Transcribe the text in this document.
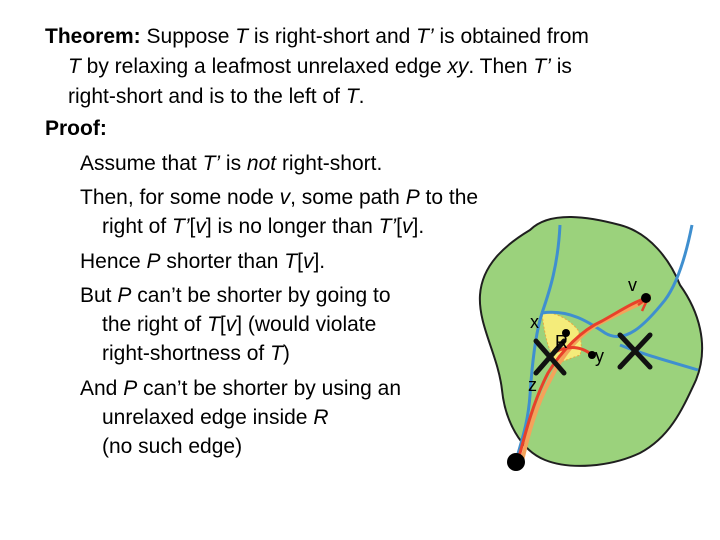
Theorem: Suppose T is right-short and T’ is obtained from
T by relaxing a leafmost unrelaxed edge xy. Then T’ is
right-short and is to the left of T.
Proof:
Assume that T’ is not right-short.
Then, for some node v, some path P to the
right of T’[v] is no longer than T’[v].
Hence P shorter than T[v].
But P can’t be shorter by going to
the right of T[v] (would violate
right-shortness of T)
And P can’t be shorter by using an
unrelaxed edge inside R
(no such edge)
v
x
R
y
z
